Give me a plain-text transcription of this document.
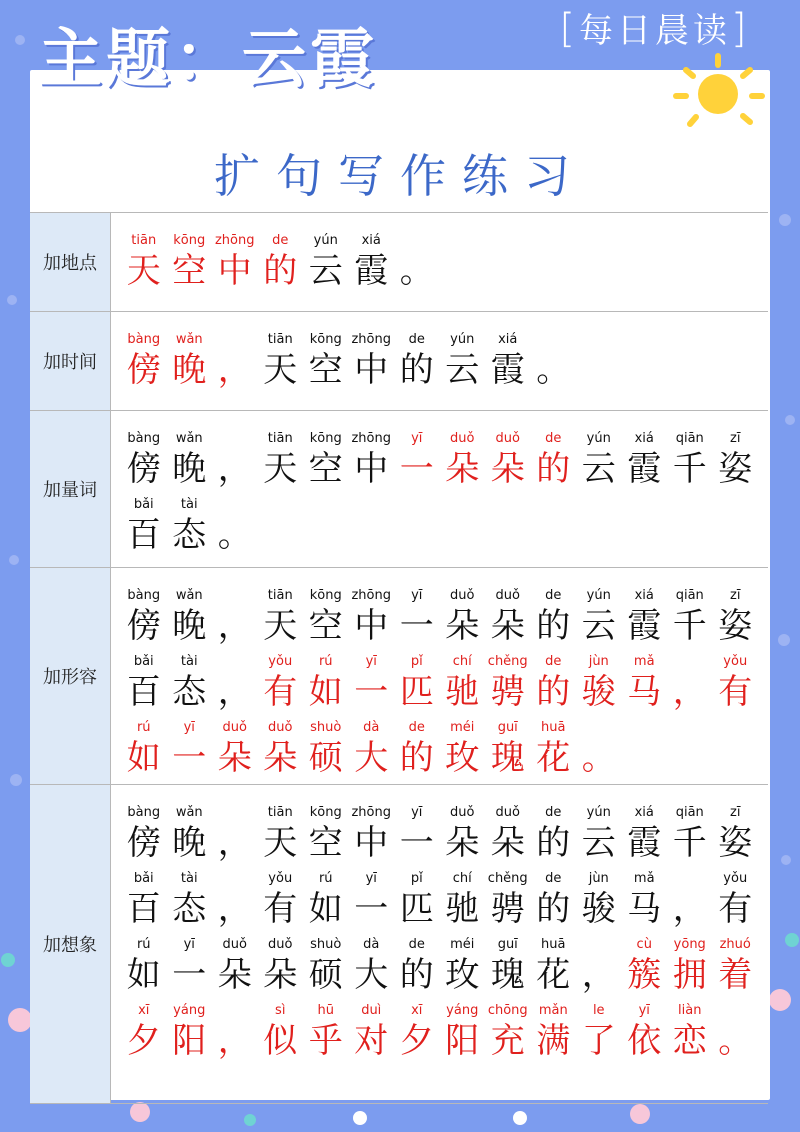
主题：云霞	[每日晨读]
扩句写作练习
加地点
tiān
天
kōng
空
zhōng
中
de
的
yún
云
xiá
霞 。
加时间
bàng
傍
wǎn
晚 ，
tiān
天
kōng
空
zhōng
中
de
的
yún
云
xiá
霞 。
加量词
bàng
傍
wǎn
晚 ，
tiān
天
kōng
空
zhōng
中
yī
一
duǒ
朵
duǒ
朵
de
的
yún
云
xiá
霞
qiān
千
zī
姿
bǎi
百
tài
态 。
加形容
bàng
傍
wǎn
晚 ，
tiān
天
kōng
空
zhōng
中
yī
一
duǒ
朵
duǒ
朵
de
的
yún
云
xiá
霞
qiān
千
zī
姿
bǎi
百
tài
态 ，
yǒu
有
rú
如
yī
一
pǐ
匹
chí
驰
chěng
骋
de
的
jùn
骏
mǎ
马 ，
yǒu
有
rú
如
yī
一
duǒ
朵
duǒ
朵
shuò
硕
dà
大
de
的
méi
玫
guī
瑰
huā
花 。
加想象
bàng
傍
wǎn
晚 ，
tiān
天
kōng
空
zhōng
中
yī
一
duǒ
朵
duǒ
朵
de
的
yún
云
xiá
霞
qiān
千
zī
姿
bǎi
百
tài
态 ，
yǒu
有
rú
如
yī
一
pǐ
匹
chí
驰
chěng
骋
de
的
jùn
骏
mǎ
马 ，
yǒu
有
rú
如
yī
一
duǒ
朵
duǒ
朵
shuò
硕
dà
大
de
的
méi
玫
guī
瑰
huā
花 ，
cù
簇
yōng
拥
zhuó
着
xī
夕
yáng
阳 ，
sì
似
hū
乎
duì
对
xī
夕
yáng
阳
chōng
充
mǎn
满
le
了
yī
依
liàn
恋 。
